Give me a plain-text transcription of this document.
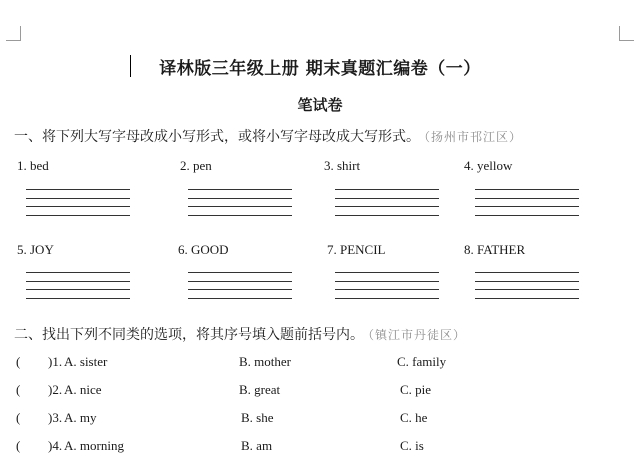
译林版三年级上册 期末真题汇编卷（一）
笔试卷
一、将下列大写字母改成小写形式，或将小写字母改成大写形式。 （扬州市邗江区）
1. bed	2. pen	3. shirt	4. yellow
5. JOY	6. GOOD	7. PENCIL	8. FATHER
二、找出下列不同类的选项，将其序号填入题前括号内。 （镇江市丹徒区）
( )1. A. sister	B. mother	C. family
( )2. A. nice	B. great	C. pie
( )3. A. my	B. she	C. he
( )4. A. morning	B. am	C. is
